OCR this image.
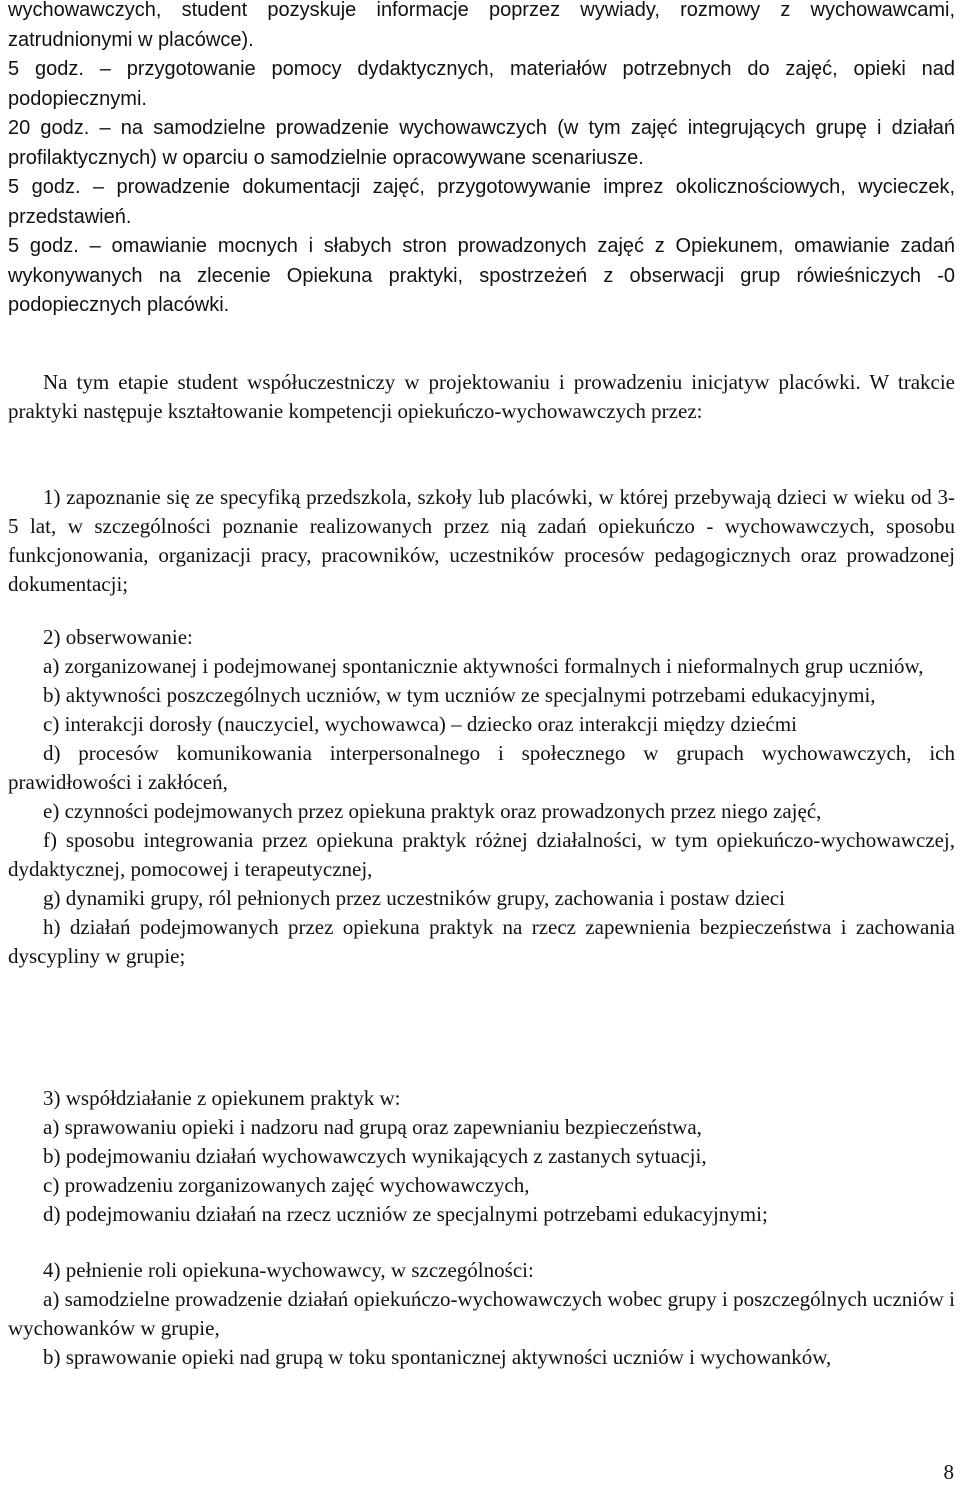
wychowawczych, student pozyskuje informacje poprzez wywiady, rozmowy z wychowawcami, zatrudnionymi w placówce).

5 godz. – przygotowanie pomocy dydaktycznych, materiałów potrzebnych do zajęć, opieki nad podopiecznymi.

20 godz. – na samodzielne prowadzenie wychowawczych (w tym zajęć integrujących grupę i działań profilaktycznych) w oparciu o samodzielnie opracowywane scenariusze.

5 godz. – prowadzenie dokumentacji zajęć, przygotowywanie imprez okolicznościowych, wycieczek, przedstawień.

5 godz. – omawianie mocnych i słabych stron prowadzonych zajęć z Opiekunem, omawianie zadań wykonywanych na zlecenie Opiekuna praktyki, spostrzeżeń z obserwacji grup rówieśniczych -0 podopiecznych placówki.

Na tym etapie student współuczestniczy w projektowaniu i prowadzeniu inicjatyw placówki. W trakcie praktyki następuje kształtowanie kompetencji opiekuńczo-wychowawczych przez:

1) zapoznanie się ze specyfiką przedszkola, szkoły lub placówki, w której przebywają dzieci w wieku od 3-5 lat, w szczególności poznanie realizowanych przez nią zadań opiekuńczo - wychowawczych, sposobu funkcjonowania, organizacji pracy, pracowników, uczestników procesów pedagogicznych oraz prowadzonej dokumentacji;

2) obserwowanie:

a) zorganizowanej i podejmowanej spontanicznie aktywności formalnych i nieformalnych grup uczniów,

b) aktywności poszczególnych uczniów, w tym uczniów ze specjalnymi potrzebami edukacyjnymi,

c) interakcji dorosły (nauczyciel, wychowawca) – dziecko oraz interakcji między dziećmi

d) procesów komunikowania interpersonalnego i społecznego w grupach wychowawczych, ich prawidłowości i zakłóceń,

e) czynności podejmowanych przez opiekuna praktyk oraz prowadzonych przez niego zajęć,

f) sposobu integrowania przez opiekuna praktyk różnej działalności, w tym opiekuńczo-wychowawczej, dydaktycznej, pomocowej i terapeutycznej,

g) dynamiki grupy, ról pełnionych przez uczestników grupy, zachowania i postaw dzieci

h) działań podejmowanych przez opiekuna praktyk na rzecz zapewnienia bezpieczeństwa i zachowania dyscypliny w grupie;

3) współdziałanie z opiekunem praktyk w:

a) sprawowaniu opieki i nadzoru nad grupą oraz zapewnianiu bezpieczeństwa,

b) podejmowaniu działań wychowawczych wynikających z zastanych sytuacji,

c) prowadzeniu zorganizowanych zajęć wychowawczych,

d) podejmowaniu działań na rzecz uczniów ze specjalnymi potrzebami edukacyjnymi;

4) pełnienie roli opiekuna-wychowawcy, w szczególności:

a) samodzielne prowadzenie działań opiekuńczo-wychowawczych wobec grupy i poszczególnych uczniów i wychowanków w grupie,

b) sprawowanie opieki nad grupą w toku spontanicznej aktywności uczniów i wychowanków,

8
